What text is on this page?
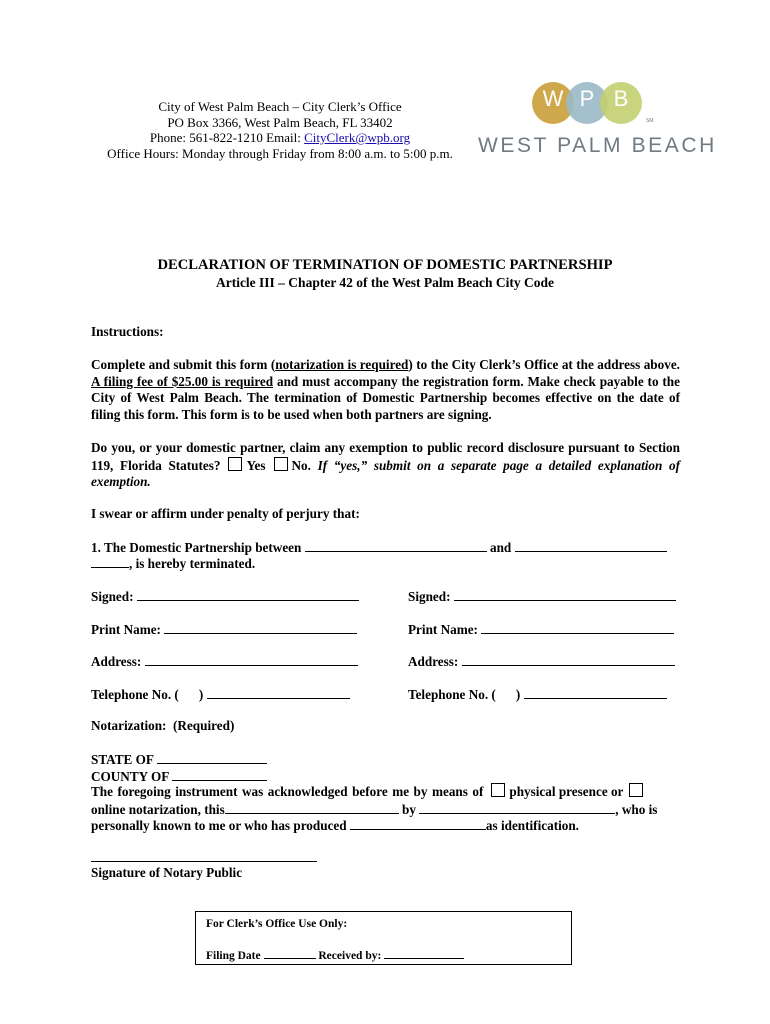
City of West Palm Beach – City Clerk’s Office
PO Box 3366, West Palm Beach, FL 33402
Phone: 561-822-1210 Email: CityClerk@wpb.org
Office Hours: Monday through Friday from 8:00 a.m. to 5:00 p.m.
W P B
SM
WEST PALM BEACH
DECLARATION OF TERMINATION OF DOMESTIC PARTNERSHIP
Article III – Chapter 42 of the West Palm Beach City Code
Instructions:
Complete and submit this form (notarization is required) to the City Clerk’s Office at the address above. A filing fee of $25.00 is required and must accompany the registration form. Make check payable to the City of West Palm Beach. The termination of Domestic Partnership becomes effective on the date of filing this form. This form is to be used when both partners are signing.
Do you, or your domestic partner, claim any exemption to public record disclosure pursuant to Section 119, Florida Statutes? Yes No. If “yes,” submit on a separate page a detailed explanation of exemption.
I swear or affirm under penalty of perjury that:
1. The Domestic Partnership between	and
, is hereby terminated.
Signed:
Print Name:
Address:
Telephone No. ( )
Signed:
Print Name:
Address:
Telephone No. ( )
Notarization:  (Required)
STATE OF
COUNTY OF
The foregoing instrument was acknowledged before me by means of physical presence or
online notarization, this	by	, who is
personally known to me or who has produced	as identification.
Signature of Notary Public
For Clerk’s Office Use Only:
Filing Date	Received by:
